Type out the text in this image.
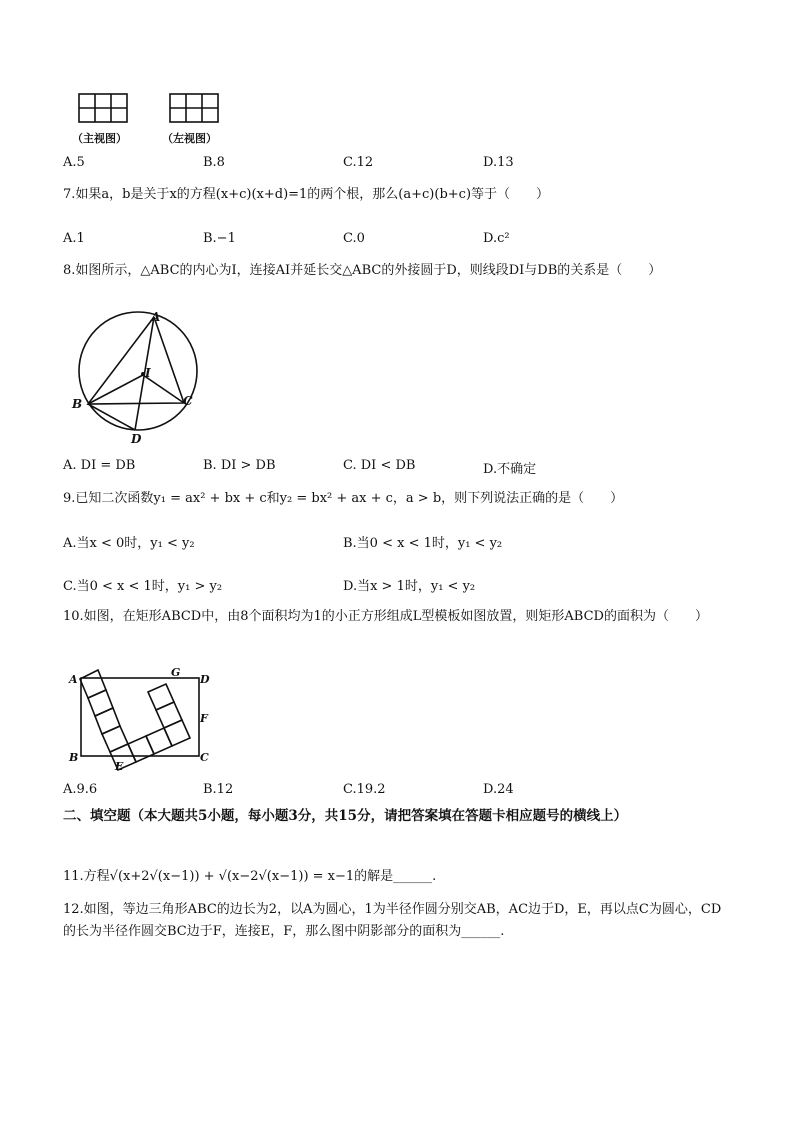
（主视图）	（左视图）
A.5	B.8	C.12	D.13
7.如果a，b是关于x的方程(x+c)(x+d)=1的两个根，那么(a+c)(b+c)等于（　　）
A.1	B.−1	C.0	D.c²
8.如图所示，△ABC的内心为I，连接AI并延长交△ABC的外接圆于D，则线段DI与DB的关系是（　　）
A
B	C
D
I
A. DI = DB	B. DI > DB	C. DI < DB	D.不确定
9.已知二次函数y₁ = ax² + bx + c和y₂ = bx² + ax + c，a > b，则下列说法正确的是（　　）
A.当x < 0时，y₁ < y₂	B.当0 < x < 1时，y₁ < y₂
C.当0 < x < 1时，y₁ > y₂	D.当x > 1时，y₁ < y₂
10.如图，在矩形ABCD中，由8个面积均为1的小正方形组成L型模板如图放置，则矩形ABCD的面积为（　　）
A
B	C
D
E
F
G
A.9.6	B.12	C.19.2	D.24
二、填空题（本大题共5小题，每小题3分，共15分，请把答案填在答题卡相应题号的横线上）
11.方程√(x+2√(x−1)) + √(x−2√(x−1)) = x−1的解是______.
12.如图，等边三角形ABC的边长为2，以A为圆心，1为半径作圆分别交AB，AC边于D，E，再以点C为圆心，CD的长为半径作圆交BC边于F，连接E，F，那么图中阴影部分的面积为______.
